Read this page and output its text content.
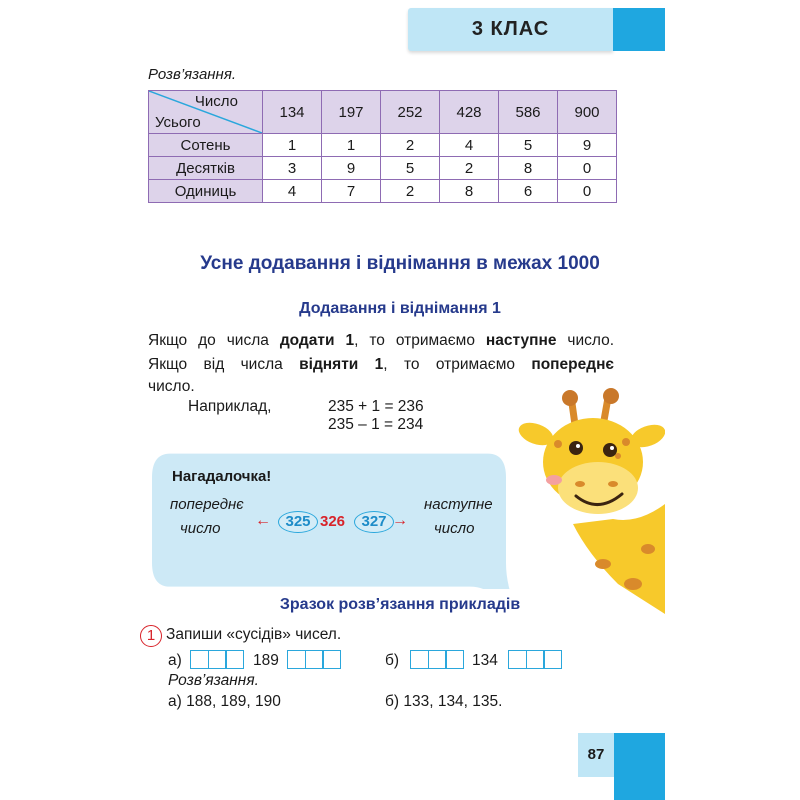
3 КЛАС
Розв’язання.
Число
Усього	134	197	252	428	586	900
Сотень	1	1	2	4	5	9
Десятків	3	9	5	2	8	0
Одиниць	4	7	2	8	6	0
Усне додавання і віднімання в межах 1000
Додавання і віднімання 1
Якщо до числа додати 1, то отримаємо наступне число.
Якщо від числа відняти 1, то отримаємо попереднє
число.
Наприклад,	235 + 1 = 236
235 – 1 = 234
Нагадалочка!
попереднє
число
наступне
число
← 325 326	327 →
Зразок розв’язання прикладів
1 Запиши «сусідів» чисел.
а)	189	б)	134
Розв’язання.
а) 188, 189, 190	б) 133, 134, 135.
87
